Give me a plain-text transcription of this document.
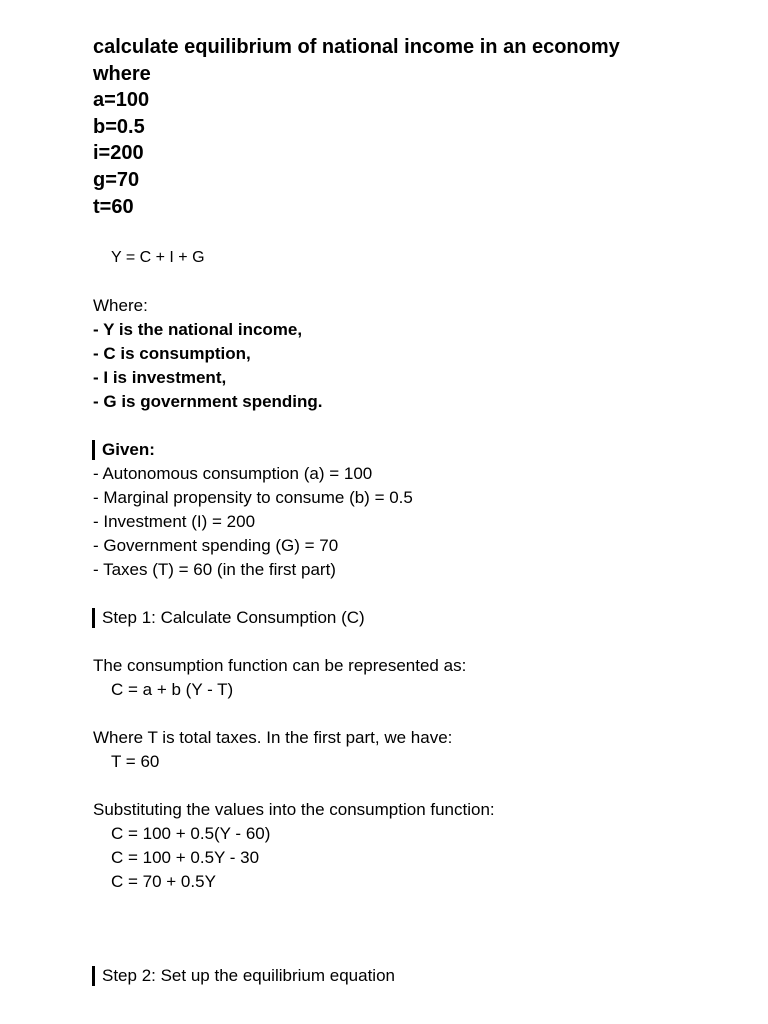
calculate equilibrium of national income in an economy

where

a=100

b=0.5

i=200

g=70

t=60

Y = C + I + G

Where:

- Y is the national income,

- C is consumption,

- I is investment,

- G is government spending.

Given:

- Autonomous consumption (a) = 100

- Marginal propensity to consume (b) = 0.5

- Investment (I) = 200

- Government spending (G) = 70

- Taxes (T) = 60 (in the first part)

Step 1: Calculate Consumption (C)

The consumption function can be represented as:

C = a + b (Y - T)

Where T is total taxes. In the first part, we have:

T = 60

Substituting the values into the consumption function:

C = 100 + 0.5(Y - 60)

C = 100 + 0.5Y - 30

C = 70 + 0.5Y

Step 2: Set up the equilibrium equation
